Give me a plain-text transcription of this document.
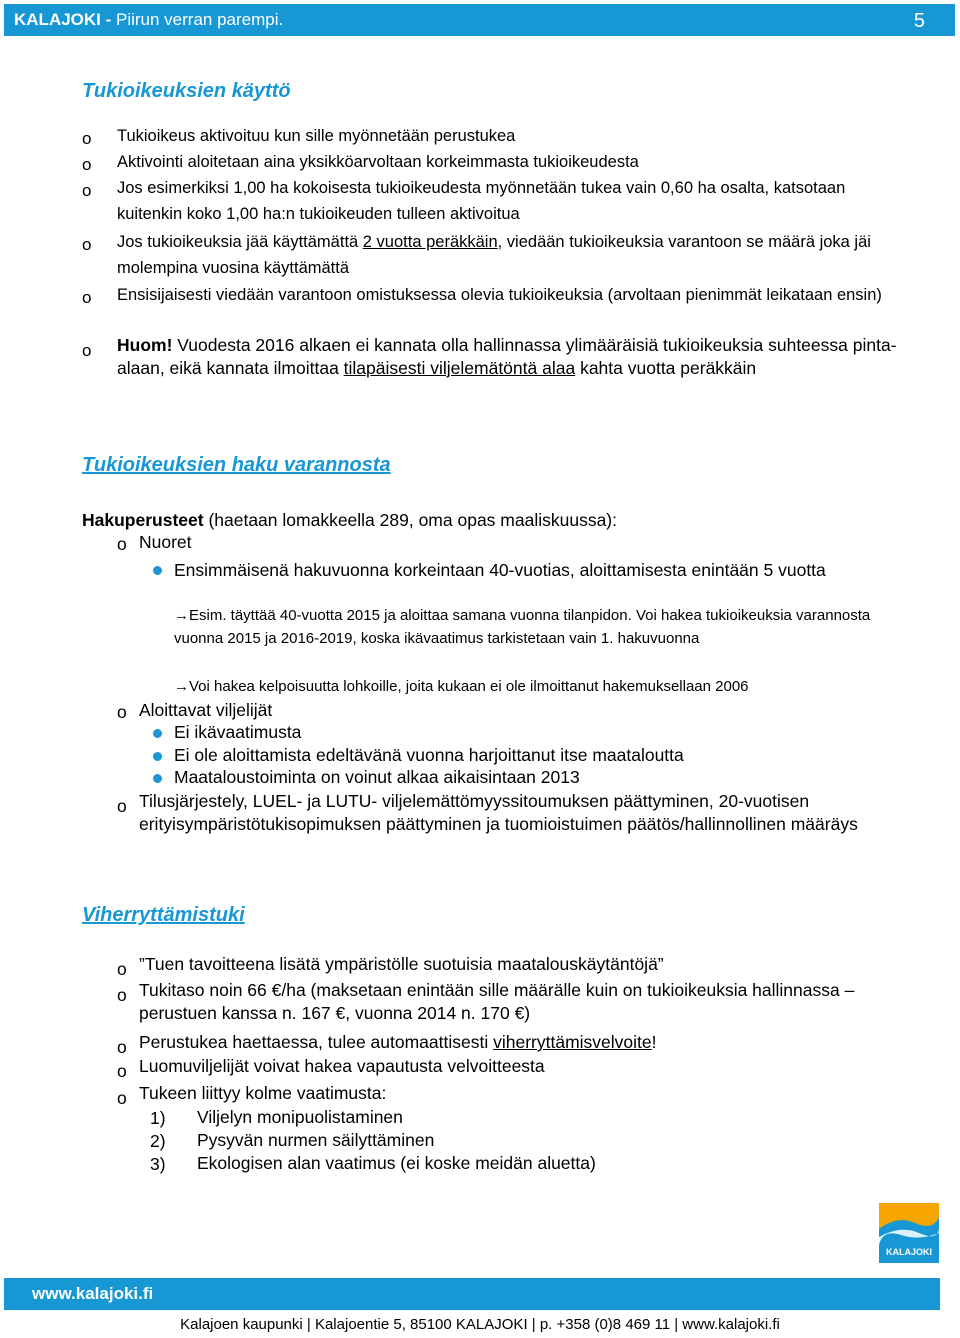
KALAJOKI - Piirun verran parempi.	5
Tukioikeuksien käyttö
o Tukioikeus aktivoituu kun sille myönnetään perustukea
o Aktivointi aloitetaan aina yksikköarvoltaan korkeimmasta tukioikeudesta
o Jos esimerkiksi 1,00 ha kokoisesta tukioikeudesta myönnetään tukea vain 0,60 ha osalta, katsotaan kuitenkin koko 1,00 ha:n tukioikeuden tulleen aktivoitua
o Jos tukioikeuksia jää käyttämättä 2 vuotta peräkkäin, viedään tukioikeuksia varantoon se määrä joka jäi molempina vuosina käyttämättä
o Ensisijaisesti viedään varantoon omistuksessa olevia tukioikeuksia (arvoltaan pienimmät leikataan ensin)
o Huom! Vuodesta 2016 alkaen ei kannata olla hallinnassa ylimääräisiä tukioikeuksia suhteessa pinta-alaan, eikä kannata ilmoittaa tilapäisesti viljelemätöntä alaa kahta vuotta peräkkäin
Tukioikeuksien haku varannosta
Hakuperusteet (haetaan lomakkeella 289, oma opas maaliskuussa):
o Nuoret
Ensimmäisenä hakuvuonna korkeintaan 40-vuotias, aloittamisesta enintään 5 vuotta
→Esim. täyttää 40-vuotta 2015 ja aloittaa samana vuonna tilanpidon. Voi hakea tukioikeuksia varannosta vuonna 2015 ja 2016-2019, koska ikävaatimus tarkistetaan vain 1. hakuvuonna
→Voi hakea kelpoisuutta lohkoille, joita kukaan ei ole ilmoittanut hakemuksellaan 2006
o Aloittavat viljelijät
Ei ikävaatimusta
Ei ole aloittamista edeltävänä vuonna harjoittanut itse maataloutta
Maataloustoiminta on voinut alkaa aikaisintaan 2013
o Tilusjärjestely, LUEL- ja LUTU- viljelemättömyyssitoumuksen päättyminen, 20-vuotisen erityisympäristötukisopimuksen päättyminen ja tuomioistuimen päätös/hallinnollinen määräys
Viherryttämistuki
o ”Tuen tavoitteena lisätä ympäristölle suotuisia maatalouskäytäntöjä”
o Tukitaso noin 66 €/ha (maksetaan enintään sille määrälle kuin on tukioikeuksia hallinnassa – perustuen kanssa n. 167 €, vuonna 2014 n. 170 €)
o Perustukea haettaessa, tulee automaattisesti viherryttämisvelvoite!
o Luomuviljelijät voivat hakea vapautusta velvoitteesta
o Tukeen liittyy kolme vaatimusta:
1) Viljelyn monipuolistaminen
2) Pysyvän nurmen säilyttäminen
3) Ekologisen alan vaatimus (ei koske meidän aluetta)
KALAJOKI
www.kalajoki.fi
Kalajoen kaupunki | Kalajoentie 5, 85100 KALAJOKI | p. +358 (0)8 469 11 | www.kalajoki.fi
